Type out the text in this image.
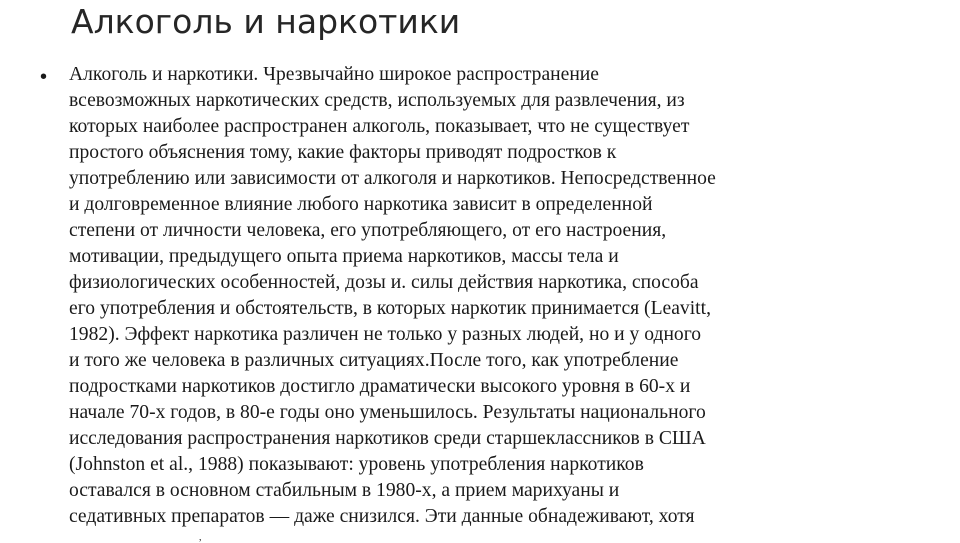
Алкоголь и наркотики
• Алкоголь и наркотики. Чрезвычайно широкое распространение
всевозможных наркотических средств, используемых для развлечения, из
которых наиболее распространен алкоголь, показывает, что не существует
простого объяснения тому, какие факторы приводят подростков к
употреблению или зависимости от алкоголя и наркотиков. Непосредственное
и долговременное влияние любого наркотика зависит в определенной
степени от личности человека, его употребляющего, от его настроения,
мотивации, предыдущего опыта приема наркотиков, массы тела и
физиологических особенностей, дозы и. силы действия наркотика, способа
его употребления и обстоятельств, в которых наркотик принимается (Leavitt,
1982). Эффект наркотика различен не только у разных людей, но и у одного
и того же человека в различных ситуациях.После того, как употребление
подростками наркотиков достигло драматически высокого уровня в 60-х и
начале 70-х годов, в 80-е годы оно уменьшилось. Результаты национального
исследования распространения наркотиков среди старшеклассников в США
(Johnston et al., 1988) показывают: уровень употребления наркотиков
оставался в основном стабильным в 1980-х, а прием марихуаны и
седативных препаратов — даже снизился. Эти данные обнадеживают, хотя
,
